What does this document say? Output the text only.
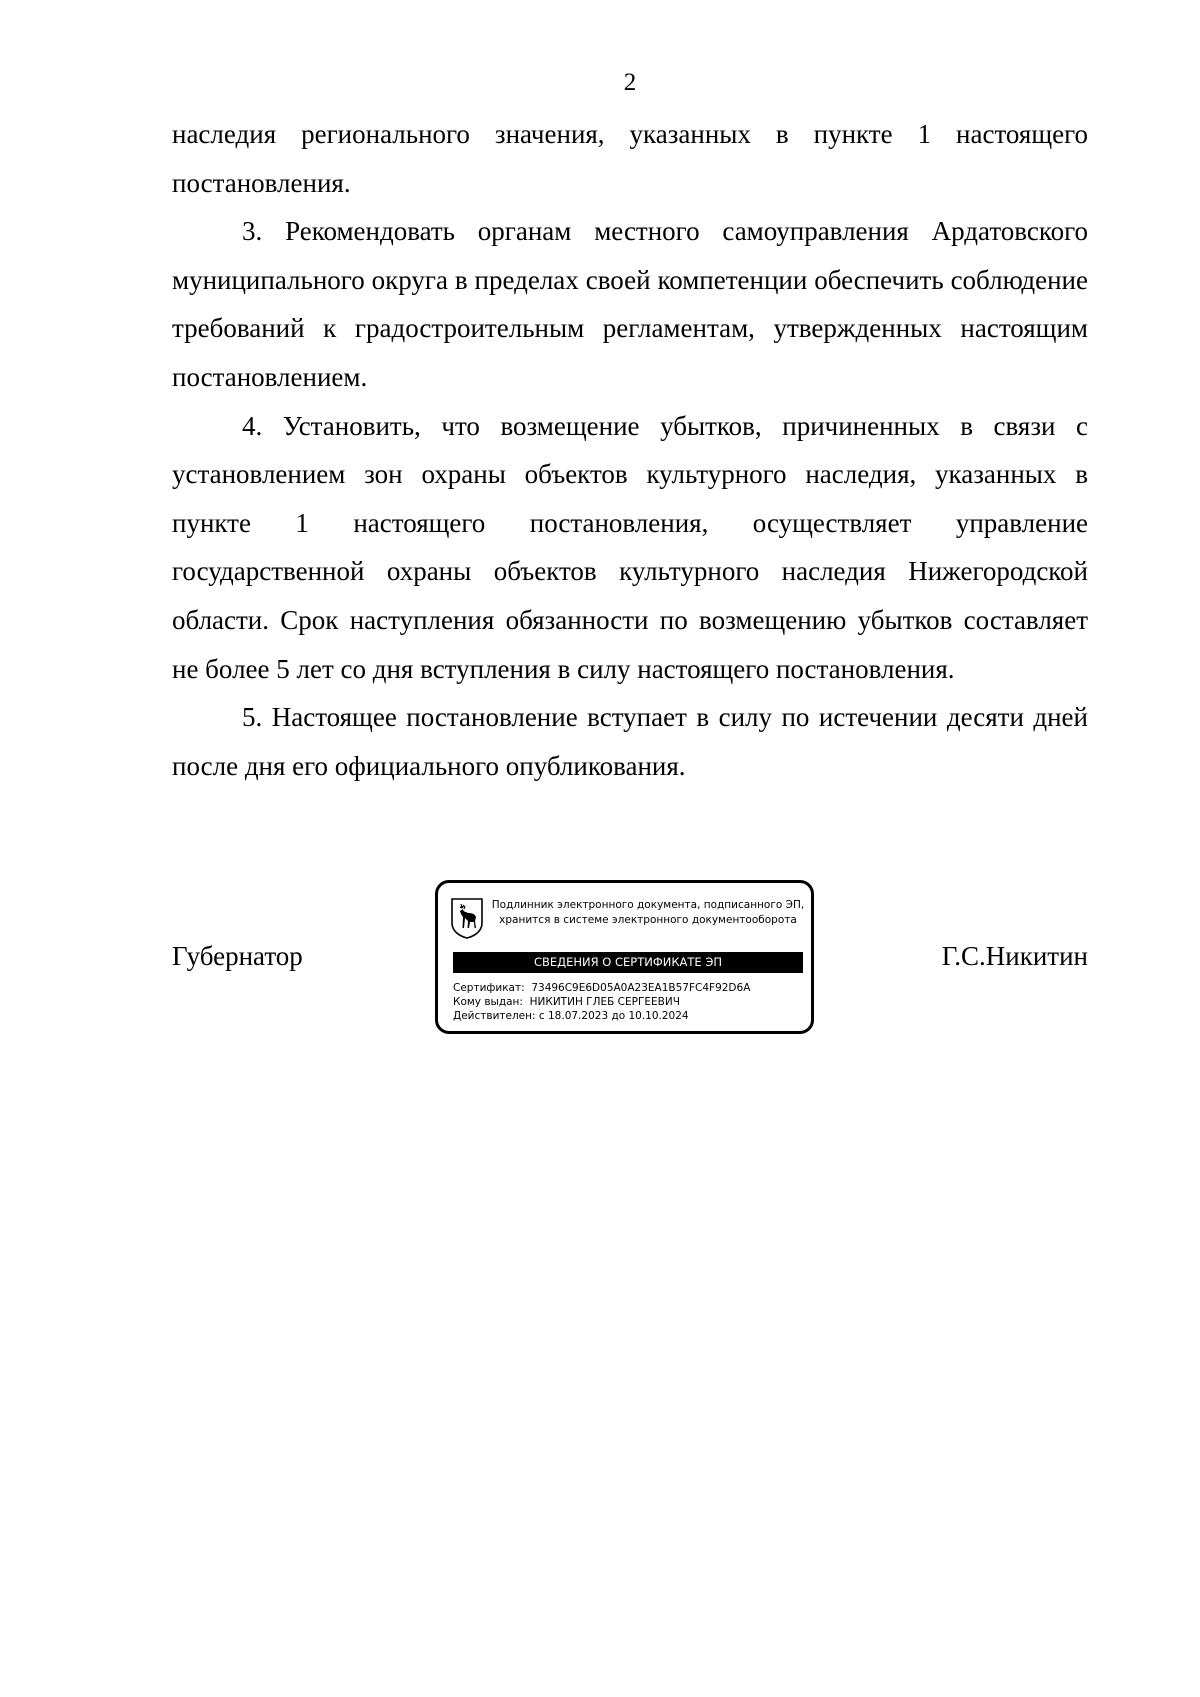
2

наследия регионального значения, указанных в пункте 1 настоящего постановления.

3. Рекомендовать органам местного самоуправления Ардатовского муниципального округа в пределах своей компетенции обеспечить соблюдение требований к градостроительным регламентам, утвержденных настоящим постановлением.

4. Установить, что возмещение убытков, причиненных в связи с установлением зон охраны объектов культурного наследия, указанных в пункте 1 настоящего постановления, осуществляет управление государственной охраны объектов культурного наследия Нижегородской области. Срок наступления обязанности по возмещению убытков составляет не более 5 лет со дня вступления в силу настоящего постановления.

5. Настоящее постановление вступает в силу по истечении десяти дней после дня его официального опубликования.

Губернатор	Г.С.Никитин
Подлинник электронного документа, подписанного ЭП,
хранится в системе электронного документооборота
СВЕДЕНИЯ О СЕРТИФИКАТЕ ЭП
Сертификат: 73496C9E6D05A0A23EA1B57FC4F92D6A
Кому выдан: НИКИТИН ГЛЕБ СЕРГЕЕВИЧ
Действителен: с 18.07.2023 до 10.10.2024
